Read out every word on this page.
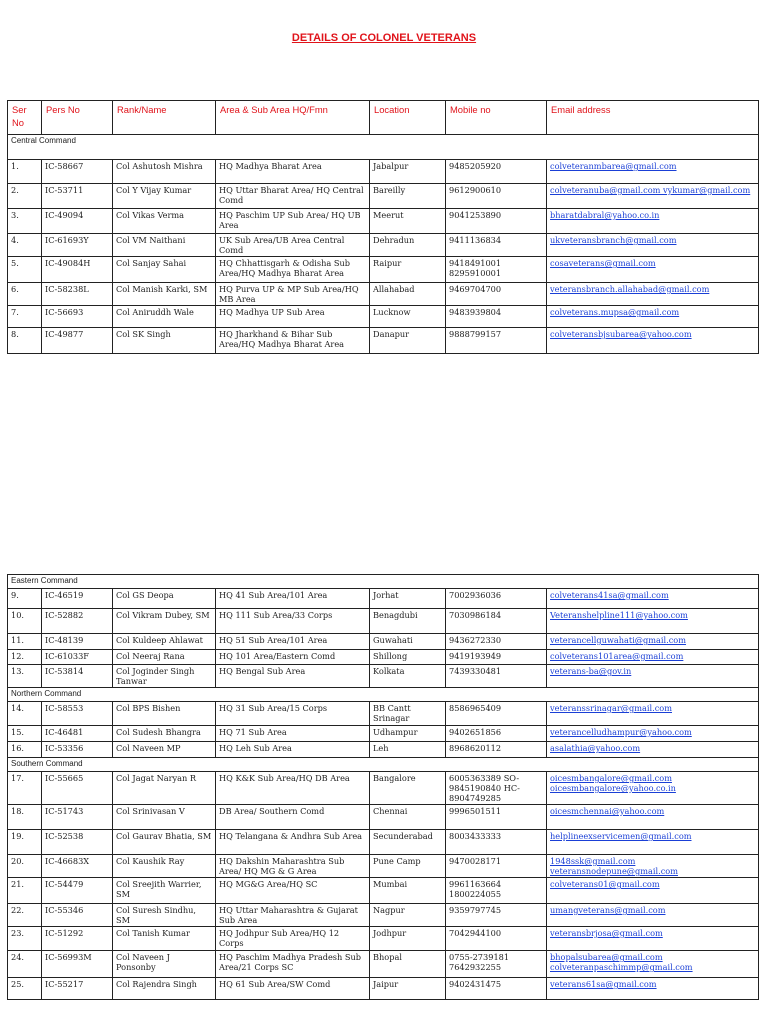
DETAILS OF COLONEL VETERANS
Ser No	Pers No	Rank/Name	Area & Sub Area HQ/Fmn	Location	Mobile no	Email address
Central Command						
1.	IC-58667	Col Ashutosh Mishra	HQ Madhya Bharat Area	Jabalpur	9485205920	colveteranmbarea@gmail.com
2.	IC-53711	Col Y Vijay Kumar	HQ Uttar Bharat Area/ HQ Central Comd	Bareilly	9612900610	colveteranuba@gmail.com vykumar@gmail.com
3.	IC-49094	Col Vikas Verma	HQ Paschim UP Sub Area/ HQ UB Area	Meerut	9041253890	bharatdabral@yahoo.co.in
4.	IC-61693Y	Col VM Naithani	UK Sub Area/UB Area Central Comd	Dehradun	9411136834	ukveteransbranch@gmail.com
5.	IC-49084H	Col Sanjay Sahai	HQ Chhattisgarh & Odisha Sub Area/HQ Madhya Bharat Area	Raipur	9418491001 8295910001	cosaveterans@gmail.com
6.	IC-58238L	Col Manish Karki, SM	HQ Purva UP & MP Sub Area/HQ MB Area	Allahabad	9469704700	veteransbranch.allahabad@gmail.com
7.	IC-56693	Col Aniruddh Wale	HQ Madhya UP Sub Area	Lucknow	9483939804	colveterans.mupsa@gmail.com
8.	IC-49877	Col SK Singh	HQ Jharkhand & Bihar Sub Area/HQ Madhya Bharat Area	Danapur	9888799157	colveteransbjsubarea@yahoo.com
Eastern Command						
9.	IC-46519	Col GS Deopa	HQ 41 Sub Area/101 Area	Jorhat	7002936036	colveterans41sa@gmail.com
10.	IC-52882	Col Vikram Dubey, SM	HQ 111 Sub Area/33 Corps	Benagdubi	7030986184	Veteranshelpline111@yahoo.com
11.	IC-48139	Col Kuldeep Ahlawat	HQ 51 Sub Area/101 Area	Guwahati	9436272330	veterancellguwahati@gmail.com
12.	IC-61033F	Col Neeraj Rana	HQ 101 Area/Eastern Comd	Shillong	9419193949	colveterans101area@gmail.com
13.	IC-53814	Col Joginder Singh Tanwar	HQ Bengal Sub Area	Kolkata	7439330481	veterans-ba@gov.in
Northern Command						
14.	IC-58553	Col BPS Bishen	HQ 31 Sub Area/15 Corps	BB Cantt Srinagar	8586965409	veteranssrinagar@gmail.com
15.	IC-46481	Col Sudesh Bhangra	HQ 71 Sub Area	Udhampur	9402651856	veterancelludhampur@yahoo.com
16.	IC-53356	Col Naveen MP	HQ Leh Sub Area	Leh	8968620112	asalathia@yahoo.com
Southern Command						
17.	IC-55665	Col Jagat Naryan R	HQ K&K Sub Area/HQ DB Area	Bangalore	6005363389 SO-9845190840 HC-8904749285	oicesmbangalore@gmail.com oicesmbangalore@yahoo.co.in
18.	IC-51743	Col Srinivasan V	DB Area/ Southern Comd	Chennai	9996501511	oicesmchennai@yahoo.com
19.	IC-52538	Col Gaurav Bhatia, SM	HQ Telangana & Andhra Sub Area	Secunderabad	8003433333	helplineexservicemen@gmail.com
20.	IC-46683X	Col Kaushik Ray	HQ Dakshin Maharashtra Sub Area/ HQ MG & G Area	Pune Camp	9470028171	1948ssk@gmail.com veteransnodepune@gmail.com
21.	IC-54479	Col Sreejith Warrier, SM	HQ MG&G Area/HQ SC	Mumbai	9961163664 1800224055	colveterans01@gmail.com
22.	IC-55346	Col Suresh Sindhu, SM	HQ Uttar Maharashtra & Gujarat Sub Area	Nagpur	9359797745	umangveterans@gmail.com
23.	IC-51292	Col Tanish Kumar	HQ Jodhpur Sub Area/HQ 12 Corps	Jodhpur	7042944100	veteransbrjosa@gmail.com
24.	IC-56993M	Col Naveen J Ponsonby	HQ Paschim Madhya Pradesh Sub Area/21 Corps SC	Bhopal	0755-2739181 7642932255	bhopalsubarea@gmail.com colveteranpaschimmp@gmail.com
25.	IC-55217	Col Rajendra Singh	HQ 61 Sub Area/SW Comd	Jaipur	9402431475	veterans61sa@gmail.com
